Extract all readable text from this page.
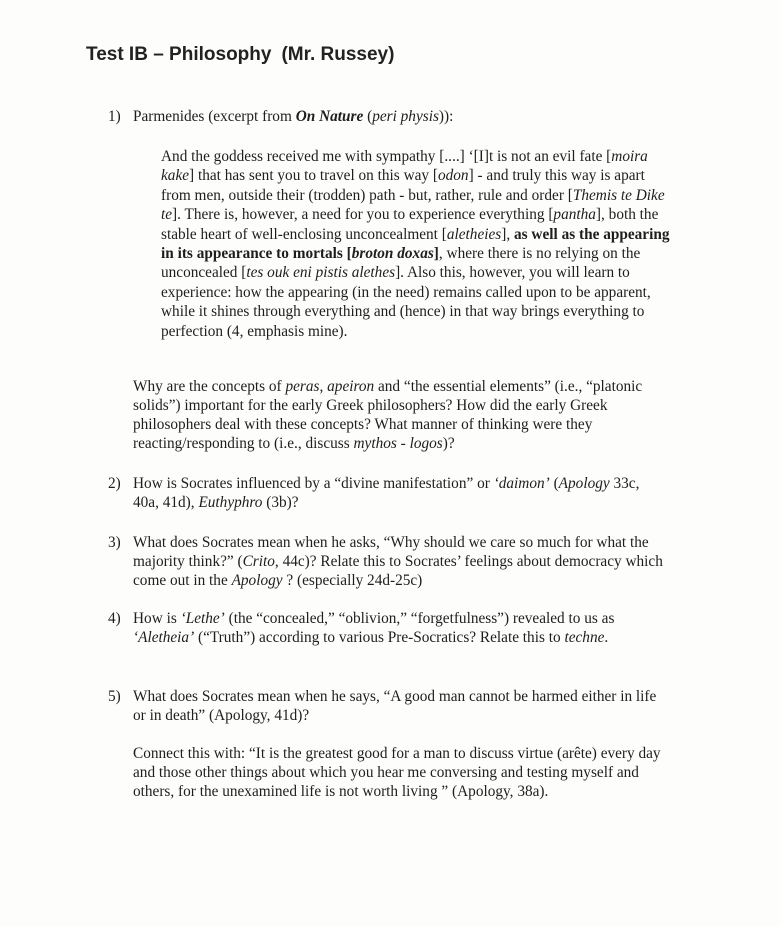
Test IB – Philosophy (Mr. Russey)
1) Parmenides (excerpt from On Nature (peri physis)):
And the goddess received me with sympathy [....] ‘[I]t is not an evil fate [moira kake] that has sent you to travel on this way [odon] - and truly this way is apart from men, outside their (trodden) path - but, rather, rule and order [Themis te Dike te]. There is, however, a need for you to experience everything [pantha], both the stable heart of well-enclosing unconcealment [aletheies], as well as the appearing in its appearance to mortals [broton doxas], where there is no relying on the unconcealed [tes ouk eni pistis alethes]. Also this, however, you will learn to experience: how the appearing (in the need) remains called upon to be apparent, while it shines through everything and (hence) in that way brings everything to perfection (4, emphasis mine).
Why are the concepts of peras, apeiron and “the essential elements” (i.e., “platonic solids”) important for the early Greek philosophers? How did the early Greek philosophers deal with these concepts? What manner of thinking were they reacting/responding to (i.e., discuss mythos - logos)?
2) How is Socrates influenced by a “divine manifestation” or ‘daimon’ (Apology 33c, 40a, 41d), Euthyphro (3b)?
3) What does Socrates mean when he asks, “Why should we care so much for what the majority think?” (Crito, 44c)? Relate this to Socrates’ feelings about democracy which come out in the Apology ? (especially 24d-25c)
4) How is ‘Lethe’ (the “concealed,” “oblivion,” “forgetfulness”) revealed to us as ‘Aletheia’ (“Truth”) according to various Pre-Socratics? Relate this to techne.
5) What does Socrates mean when he says, “A good man cannot be harmed either in life or in death” (Apology, 41d)?
Connect this with: “It is the greatest good for a man to discuss virtue (arête) every day and those other things about which you hear me conversing and testing myself and others, for the unexamined life is not worth living ” (Apology, 38a).
